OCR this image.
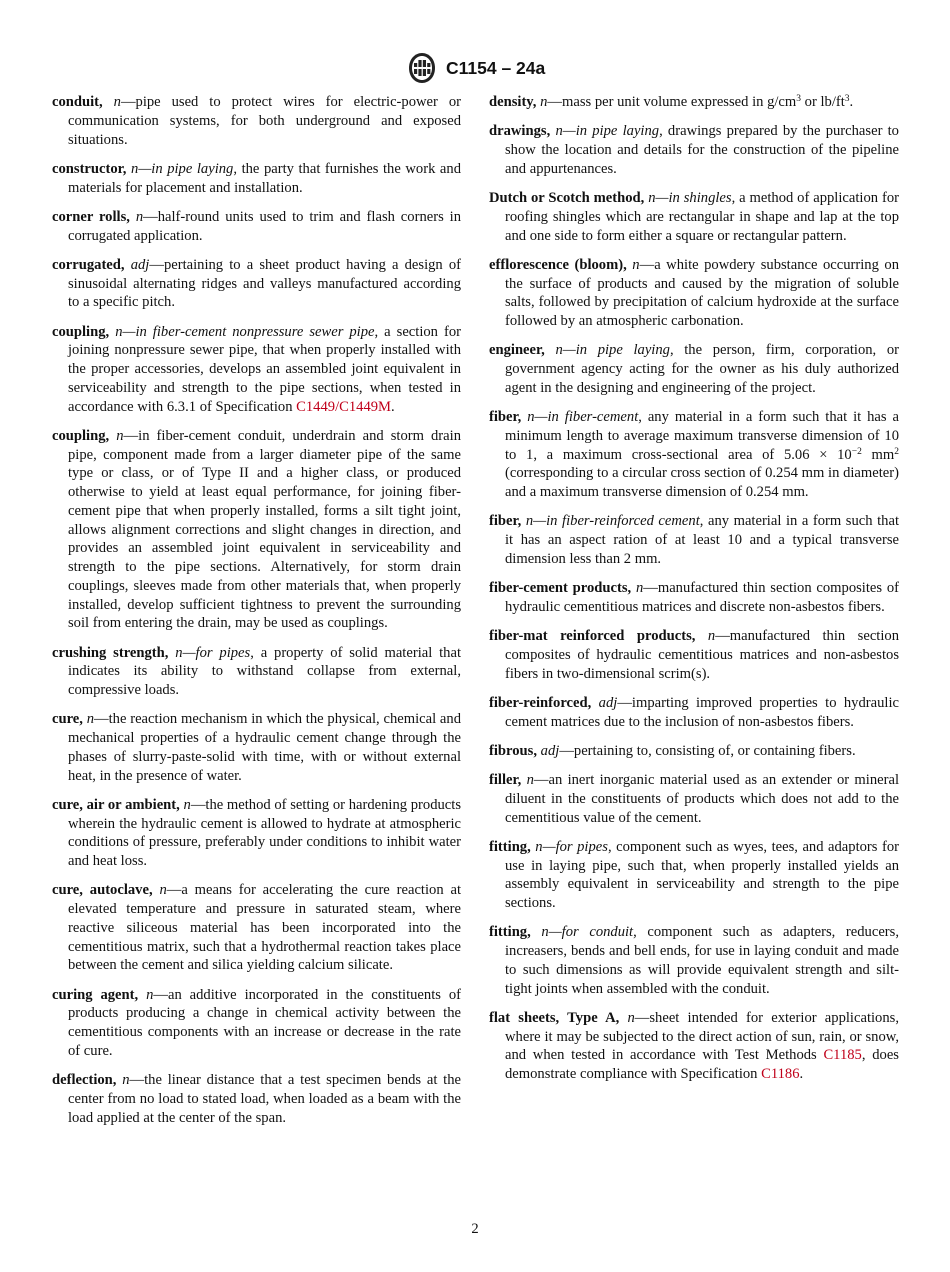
C1154 – 24a

conduit, n—pipe used to protect wires for electric-power or communication systems, for both underground and exposed situations.

constructor, n—in pipe laying, the party that furnishes the work and materials for placement and installation.

corner rolls, n—half-round units used to trim and flash corners in corrugated application.

corrugated, adj—pertaining to a sheet product having a design of sinusoidal alternating ridges and valleys manufactured according to a specific pitch.

coupling, n—in fiber-cement nonpressure sewer pipe, a section for joining nonpressure sewer pipe, that when properly installed with the proper accessories, develops an assembled joint equivalent in serviceability and strength to the pipe sections, when tested in accordance with 6.3.1 of Specification C1449/C1449M.

coupling, n—in fiber-cement conduit, underdrain and storm drain pipe, component made from a larger diameter pipe of the same type or class, or of Type II and a higher class, or produced otherwise to yield at least equal performance, for joining fiber-cement pipe that when properly installed, forms a silt tight joint, allows alignment corrections and slight changes in direction, and provides an assembled joint equivalent in serviceability and strength to the pipe sections. Alternatively, for storm drain couplings, sleeves made from other materials that, when properly installed, develop sufficient tightness to prevent the surrounding soil from entering the drain, may be used as couplings.

crushing strength, n—for pipes, a property of solid material that indicates its ability to withstand collapse from external, compressive loads.

cure, n—the reaction mechanism in which the physical, chemical and mechanical properties of a hydraulic cement change through the phases of slurry-paste-solid with time, with or without external heat, in the presence of water.

cure, air or ambient, n—the method of setting or hardening products wherein the hydraulic cement is allowed to hydrate at atmospheric conditions of pressure, preferably under conditions to inhibit water and heat loss.

cure, autoclave, n—a means for accelerating the cure reaction at elevated temperature and pressure in saturated steam, where reactive siliceous material has been incorporated into the cementitious matrix, such that a hydrothermal reaction takes place between the cement and silica yielding calcium silicate.

curing agent, n—an additive incorporated in the constituents of products producing a change in chemical activity between the cementitious components with an increase or decrease in the rate of cure.

deflection, n—the linear distance that a test specimen bends at the center from no load to stated load, when loaded as a beam with the load applied at the center of the span.

density, n—mass per unit volume expressed in $g/cm^3$ or $lb/ft^3$.

drawings, n—in pipe laying, drawings prepared by the purchaser to show the location and details for the construction of the pipeline and appurtenances.

Dutch or Scotch method, n—in shingles, a method of application for roofing shingles which are rectangular in shape and lap at the top and one side to form either a square or rectangular pattern.

efflorescence (bloom), n—a white powdery substance occurring on the surface of products and caused by the migration of soluble salts, followed by precipitation of calcium hydroxide at the surface followed by an atmospheric carbonation.

engineer, n—in pipe laying, the person, firm, corporation, or government agency acting for the owner as his duly authorized agent in the designing and engineering of the project.

fiber, n—in fiber-cement, any material in a form such that it has a minimum length to average maximum transverse dimension of 10 to 1, a maximum cross-sectional area of $5.06 \times 10^{-2}$ $mm^2$ (corresponding to a circular cross section of 0.254 mm in diameter) and a maximum transverse dimension of 0.254 mm.

fiber, n—in fiber-reinforced cement, any material in a form such that it has an aspect ration of at least 10 and a typical transverse dimension less than 2 mm.

fiber-cement products, n—manufactured thin section composites of hydraulic cementitious matrices and discrete non-asbestos fibers.

fiber-mat reinforced products, n—manufactured thin section composites of hydraulic cementitious matrices and non-asbestos fibers in two-dimensional scrim(s).

fiber-reinforced, adj—imparting improved properties to hydraulic cement matrices due to the inclusion of non-asbestos fibers.

fibrous, adj—pertaining to, consisting of, or containing fibers.

filler, n—an inert inorganic material used as an extender or mineral diluent in the constituents of products which does not add to the cementitious value of the cement.

fitting, n—for pipes, component such as wyes, tees, and adaptors for use in laying pipe, such that, when properly installed yields an assembly equivalent in serviceability and strength to the pipe sections.

fitting, n—for conduit, component such as adapters, reducers, increasers, bends and bell ends, for use in laying conduit and made to such dimensions as will provide equivalent strength and silt-tight joints when assembled with the conduit.

flat sheets, Type A, n—sheet intended for exterior applications, where it may be subjected to the direct action of sun, rain, or snow, and when tested in accordance with Test Methods C1185, does demonstrate compliance with Specification C1186.

2
